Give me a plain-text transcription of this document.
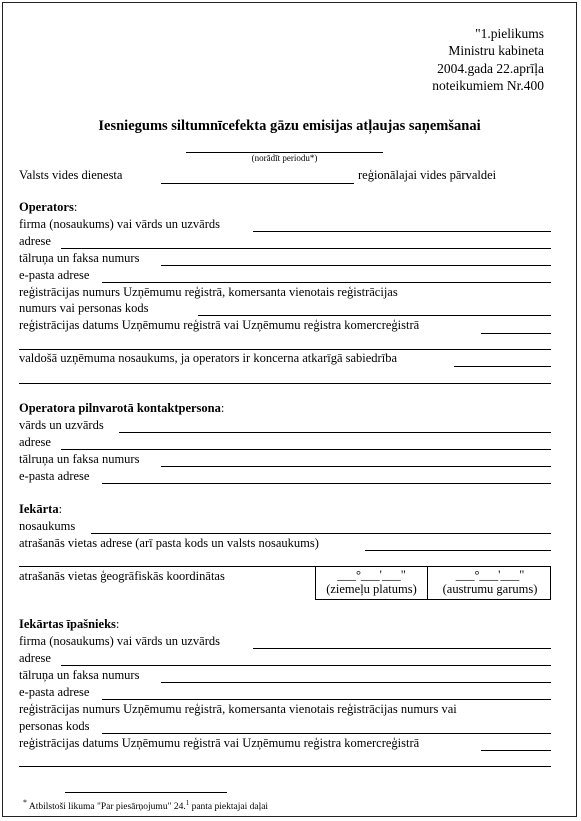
"1.pielikums
Ministru kabineta
2004.gada 22.aprīļa
noteikumiem Nr.400
Iesniegums siltumnīcefekta gāzu emisijas atļaujas saņemšanai
(norādīt periodu*)
Valsts vides dienesta	reģionālajai vides pārvaldei
Operators:
firma (nosaukums) vai vārds un uzvārds
adrese
tālruņa un faksa numurs
e-pasta adrese
reģistrācijas numurs Uzņēmumu reģistrā, komersanta vienotais reģistrācijas
numurs vai personas kods
reģistrācijas datums Uzņēmumu reģistrā vai Uzņēmumu reģistra komercreģistrā
valdošā uzņēmuma nosaukums, ja operators ir koncerna atkarīgā sabiedrība
Operatora pilnvarotā kontaktpersona:
vārds un uzvārds
adrese
tālruņa un faksa numurs
e-pasta adrese
Iekārta:
nosaukums
atrašanās vietas adrese (arī pasta kods un valsts nosaukums)
atrašanās vietas ģeogrāfiskās koordinātas	___°___'___"
(ziemeļu platums)
___°___'___"
(austrumu garums)
Iekārtas īpašnieks:
firma (nosaukums) vai vārds un uzvārds
adrese
tālruņa un faksa numurs
e-pasta adrese
reģistrācijas numurs Uzņēmumu reģistrā, komersanta vienotais reģistrācijas numurs vai
personas kods
reģistrācijas datums Uzņēmumu reģistrā vai Uzņēmumu reģistra komercreģistrā
* Atbilstoši likuma "Par piesārņojumu" 24.$^1$ panta piektajai daļai
